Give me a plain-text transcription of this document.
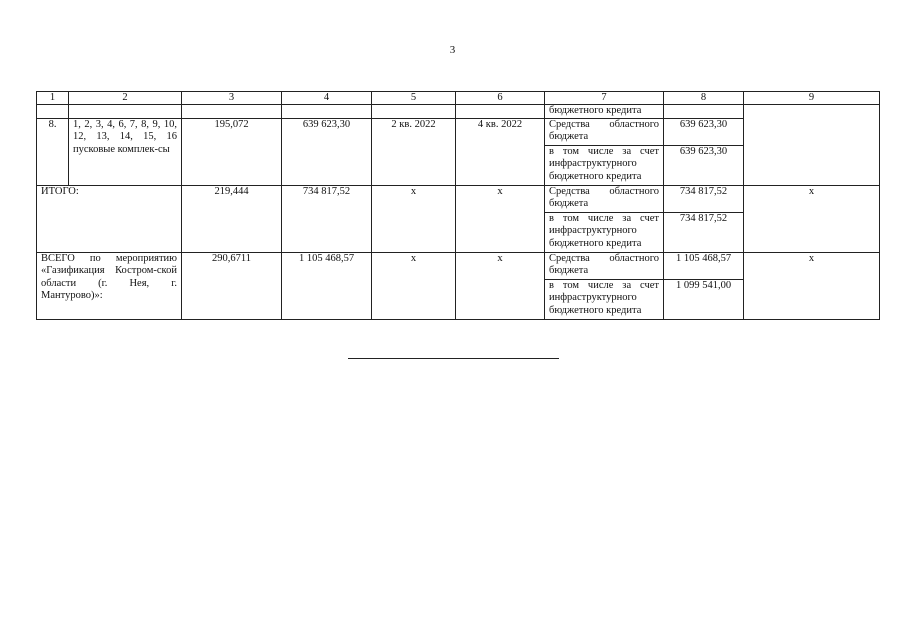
3
1	2	3	4	5	6	7	8	9
						бюджетного кредита		
8.	1, 2, 3, 4, 6, 7, 8, 9, 10, 12, 13, 14, 15, 16 пусковые комплек-сы	195,072	639 623,30	2 кв. 2022	4 кв. 2022	Средства областного бюджета	639 623,30	
						в том числе за счет инфраструктурного бюджетного кредита	639 623,30	
ИТОГО:		219,444	734 817,52	х	х	Средства областного бюджета	734 817,52	х
						в том числе за счет инфраструктурного бюджетного кредита	734 817,52	
ВСЕГО по мероприятию «Газификация Костром-ской области (г. Нея, г. Мантурово)»:		290,6711	1 105 468,57	х	х	Средства областного бюджета	1 105 468,57	х
						в том числе за счет инфраструктурного бюджетного кредита	1 099 541,00	
